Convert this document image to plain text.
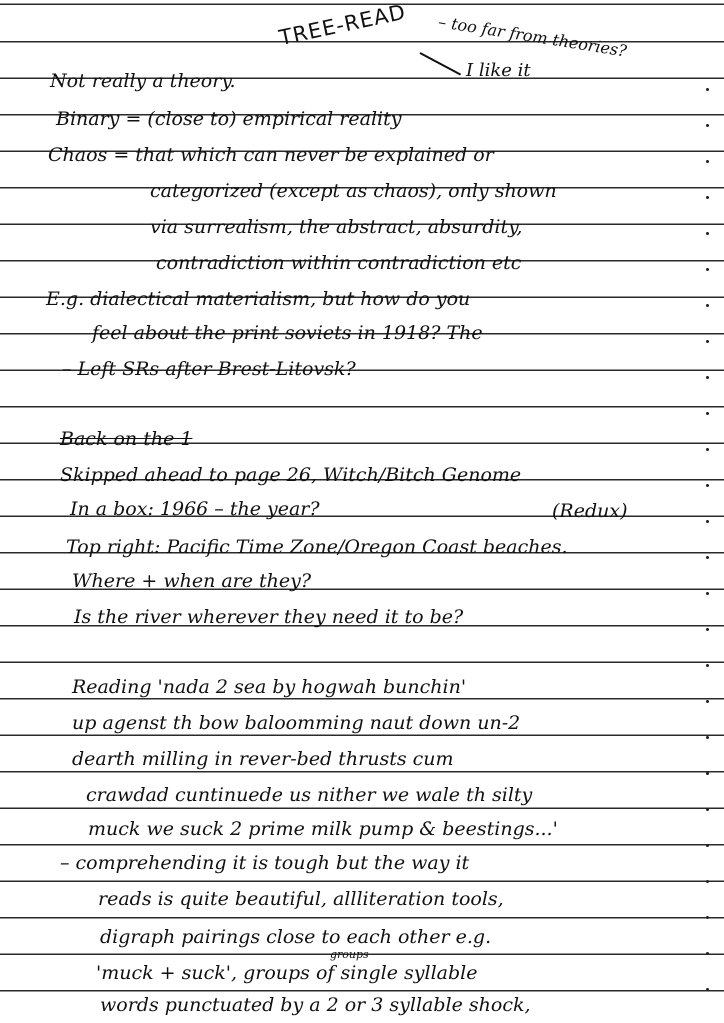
TREE-READ – too far from theories?
I like it
Not really a theory.
Binary = (close to) empirical reality
Chaos = that which can never be explained or
categorized (except as chaos), only shown
via surrealism, the abstract, absurdity,
contradiction within contradiction etc
E.g. dialectical materialism, but how do you
feel about the print soviets in 1918? The
– Left SRs after Brest-Litovsk?
Back on the 1
Skipped ahead to page 26, Witch/Bitch Genome
In a box: 1966 – the year?	(Redux)
Top right: Pacific Time Zone/Oregon Coast beaches.
Where + when are they?
Is the river wherever they need it to be?
Reading 'nada 2 sea by hogwah bunchin'
up agenst th bow baloomming naut down un-2
dearth milling in rever-bed thrusts cum
crawdad cuntinuede us nither we wale th silty
muck we suck 2 prime milk pump & beestings...'
– comprehending it is tough but the way it
reads is quite beautiful, allliteration tools,
digraph pairings close to each other e.g.
groups
'muck + suck', groups of single syllable
words punctuated by a 2 or 3 syllable shock,
